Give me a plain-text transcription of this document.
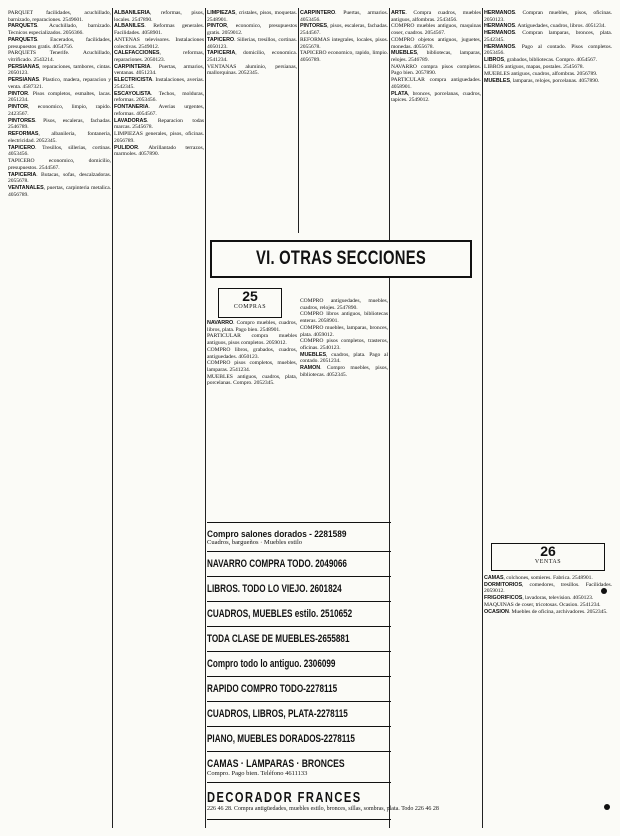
PARQUET facilidades, acuchillado, barnizado, reparaciones. 2549601.

PARQUETS. Acuchillado, barnizado. Tecnicos especializados. 2056366.

PARQUETS. Encerados, facilidades, presupuestos gratis. 4054756.

PARQUETS Tenerife. Acuchillado, vitrificado. 2543214.

PERSIANAS, reparaciones, tambores, cintas. 2050123.

PERSIANAS. Plastico, madera, reparacion y venta. 4587321.

PINTOR. Pisos completos, esmaltes, lacas. 2051234.

PINTOR, economico, limpio, rapido. 2423567.

PINTORES. Pisos, escaleras, fachadas. 2546789.

REFORMAS, albanileria, fontaneria, electricidad. 2052345.

TAPICERO. Tresillos, sillerias, cortinas. 4053456.

TAPICERO economico, domicilio, presupuestos. 2544567.

TAPICERIA. Butacas, sofas, descalzadoras. 2055678.

VENTANALES, puertas, carpinteria metalica. 4056789.

ALBANILERIA, reformas, pisos, locales. 2547890.

ALBANILES. Reformas generales. Facilidades. 4058901.

ANTENAS televisores. Instalaciones colectivas. 2549012.

CALEFACCIONES, reformas, reparaciones. 2050123.

CARPINTERIA. Puertas, armarios, ventanas. 4051234.

ELECTRICISTA. Instalaciones, averias. 2542345.

ESCAYOLISTA. Techos, molduras, reformas. 2053456.

FONTANERIA. Averias urgentes, reformas. 4054567.

LAVADORAS. Reparacion todas marcas. 2545678.

LIMPIEZAS generales, pisos, oficinas. 2056789.

PULIDOR. Abrillantado terrazos, marmoles. 4057890.

LIMPIEZAS, cristales, pisos, moquetas. 2548901.

PINTOR, economico, presupuestos gratis. 2059012.

TAPICERO. Sillerias, tresillos, cortinas. 4050123.

TAPICERIA, domicilio, economica. 2541234.

VENTANAS aluminio, persianas, mallorquinas. 2052345.

CARPINTERO. Puertas, armarios. 4053456.

PINTORES, pisos, escaleras, fachadas. 2544567.

REFORMAS integrales, locales, pisos. 2055678.

TAPICERO economico, rapido, limpio. 4056789.

ARTE. Compra cuadros, muebles antiguos, alfombras. 2543456.

COMPRO muebles antiguos, maquinas coser, cuadros. 2054567.

COMPRO objetos antiguos, juguetes, monedas. 4055678.

MUEBLES, bibliotecas, lamparas, relojes. 2546789.

NAVARRO compra pisos completos. Pago bien. 2057890.

PARTICULAR compra antiguedades. 4058901.

PLATA, bronces, porcelanas, cuadros, tapices. 2549012.

HERMANOS. Compran muebles, pisos, oficinas. 2050123.

HERMANOS. Antiguedades, cuadros, libros. 4051234.

HERMANOS. Compran lamparas, bronces, plata. 2542345.

HERMANOS. Pago al contado. Pisos completos. 2053456.

LIBROS, grabados, bibliotecas. Compro. 4054567.

LIBROS antiguos, mapas, postales. 2545678.

MUEBLES antiguos, cuadros, alfombras. 2056789.

MUEBLES, lamparas, relojes, porcelanas. 4057890.

VI. OTRAS SECCIONES
25
COMPRAS

NAVARRO. Compro muebles, cuadros, libros, plata. Pago bien. 2548901.

PARTICULAR compra muebles antiguos, pisos completos. 2059012.

COMPRO libros, grabados, cuadros, antiguedades. 4050123.

COMPRO pisos completos, muebles, lamparas. 2541234.

MUEBLES antiguos, cuadros, plata, porcelanas. Compro. 2052345.

COMPRO antiguedades, muebles, cuadros, relojes. 2547890.

COMPRO libros antiguos, bibliotecas enteras. 2058901.

COMPRO muebles, lamparas, bronces, plata. 4059012.

COMPRO pisos completos, trasteros, oficinas. 2540123.

MUEBLES, cuadros, plata. Pago al contado. 2051234.

RAMON. Compro muebles, pisos, bibliotecas. 4052345.

Compro salones dorados - 2281589
Cuadros, bargueños · Muebles estilo
NAVARRO COMPRA TODO. 2049066
LIBROS. TODO LO VIEJO. 2601824
CUADROS, MUEBLES estilo. 2510652
TODA CLASE DE MUEBLES-2655881
Compro todo lo antiguo. 2306099
RAPIDO COMPRO TODO-2278115
CUADROS, LIBROS, PLATA-2278115
PIANO, MUEBLES DORADOS-2278115
CAMAS · LAMPARAS · BRONCES
Compro. Pago bien. Teléfono 4611133
DECORADOR FRANCES
226 46 28. Compra antigüedades, muebles estilo, bronces, sillas, sombras, plata. Todo 226 46 28
26
VENTAS

CAMAS, colchones, somieres. Fabrica. 2548901.

DORMITORIOS, comedores, tresillos. Facilidades. 2059012.

FRIGORIFICOS, lavadoras, television. 4050123.

MAQUINAS de coser, tricotosas. Ocasion. 2541234.

OCASION. Muebles de oficina, archivadores. 2052345.
